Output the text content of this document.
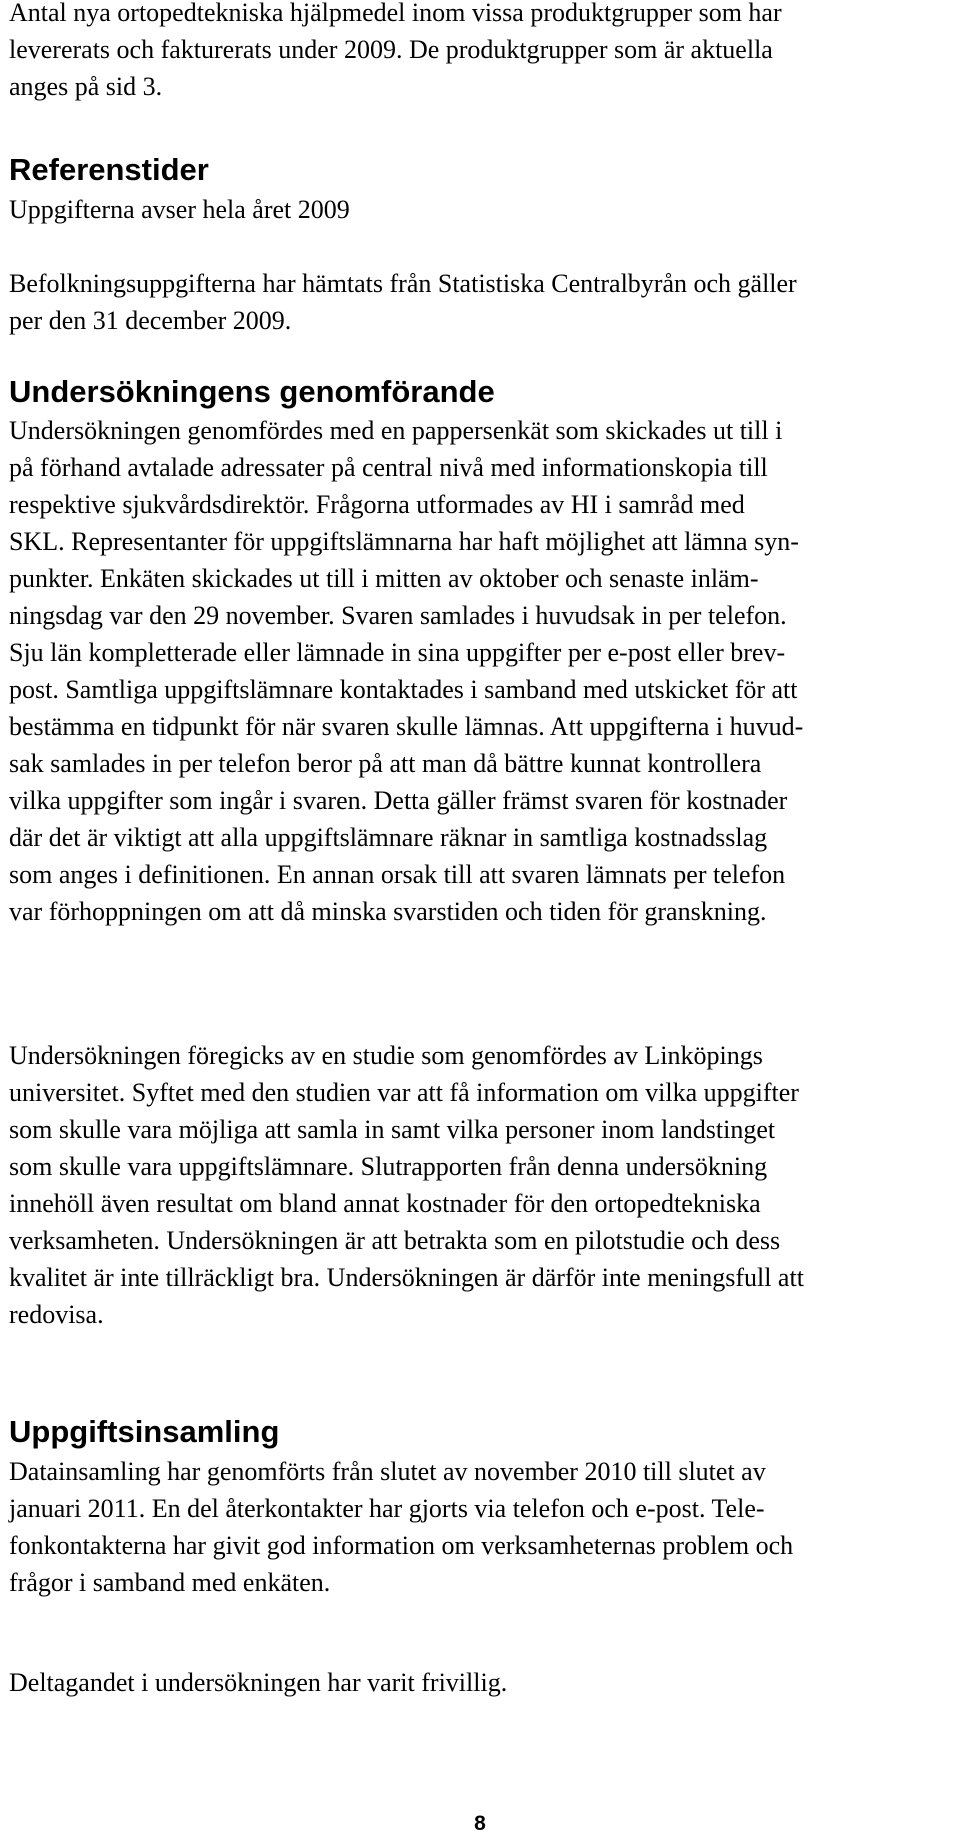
Antal nya ortopedtekniska hjälpmedel inom vissa produktgrupper som har
levererats och fakturerats under 2009. De produktgrupper som är aktuella
anges på sid 3.

Referenstider

Uppgifterna avser hela året 2009

Befolkningsuppgifterna har hämtats från Statistiska Centralbyrån och gäller
per den 31 december 2009.

Undersökningens genomförande

Undersökningen genomfördes med en pappersenkät som skickades ut till i
på förhand avtalade adressater på central nivå med informationskopia till
respektive sjukvårdsdirektör. Frågorna utformades av HI i samråd med
SKL. Representanter för uppgiftslämnarna har haft möjlighet att lämna syn-
punkter. Enkäten skickades ut till i mitten av oktober och senaste inläm-
ningsdag var den 29 november. Svaren samlades i huvudsak in per telefon.
Sju län kompletterade eller lämnade in sina uppgifter per e-post eller brev-
post. Samtliga uppgiftslämnare kontaktades i samband med utskicket för att
bestämma en tidpunkt för när svaren skulle lämnas. Att uppgifterna i huvud-
sak samlades in per telefon beror på att man då bättre kunnat kontrollera
vilka uppgifter som ingår i svaren. Detta gäller främst svaren för kostnader
där det är viktigt att alla uppgiftslämnare räknar in samtliga kostnadsslag
som anges i definitionen. En annan orsak till att svaren lämnats per telefon
var förhoppningen om att då minska svarstiden och tiden för granskning.

Undersökningen föregicks av en studie som genomfördes av Linköpings
universitet. Syftet med den studien var att få information om vilka uppgifter
som skulle vara möjliga att samla in samt vilka personer inom landstinget
som skulle vara uppgiftslämnare. Slutrapporten från denna undersökning
innehöll även resultat om bland annat kostnader för den ortopedtekniska
verksamheten. Undersökningen är att betrakta som en pilotstudie och dess
kvalitet är inte tillräckligt bra. Undersökningen är därför inte meningsfull att
redovisa.

Uppgiftsinsamling

Datainsamling har genomförts från slutet av november 2010 till slutet av
januari 2011. En del återkontakter har gjorts via telefon och e-post. Tele-
fonkontakterna har givit god information om verksamheternas problem och
frågor i samband med enkäten.

Deltagandet i undersökningen har varit frivillig.

8
